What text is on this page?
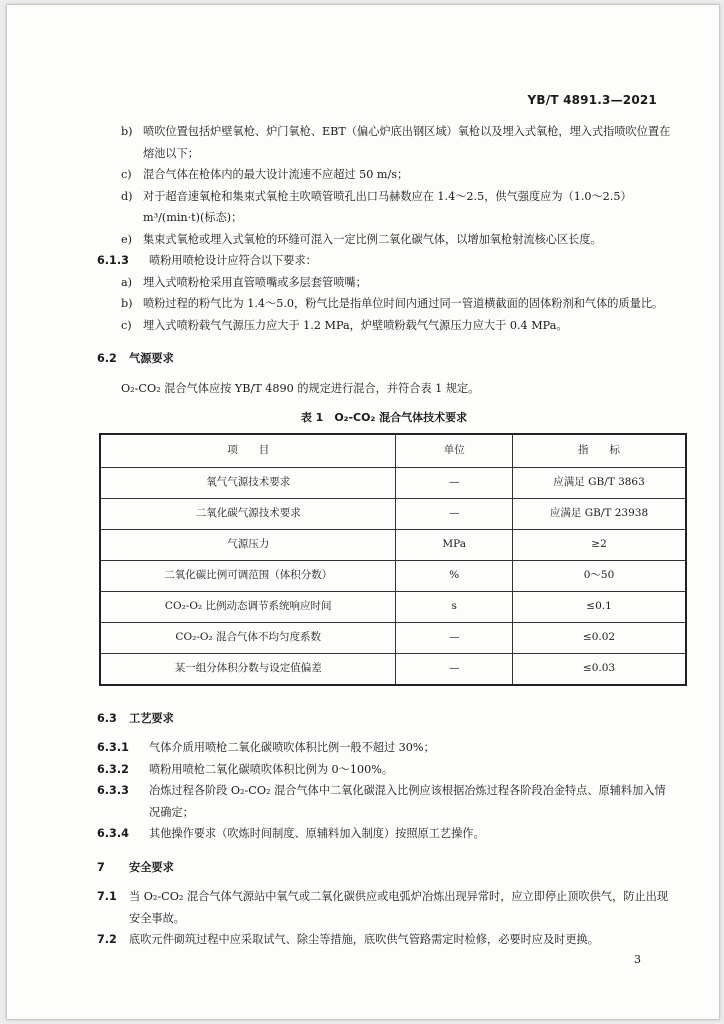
YB/T 4891.3—2021
b) 喷吹位置包括炉壁氧枪、炉门氧枪、EBT（偏心炉底出钢区域）氧枪以及埋入式氧枪，埋入式指喷吹位置在熔池以下；
c)	混合气体在枪体内的最大设计流速不应超过 50 m/s；
d) 对于超音速氧枪和集束式氧枪主吹喷管喷孔出口马赫数应在 1.4～2.5，供气强度应为（1.0～2.5）m³/(min·t)(标态)；
e) 集束式氧枪或埋入式氧枪的环缝可混入一定比例二氧化碳气体，以增加氧枪射流核心区长度。
6.1.3	喷粉用喷枪设计应符合以下要求：
a) 埋入式喷粉枪采用直管喷嘴或多层套管喷嘴；
b) 喷粉过程的粉气比为 1.4～5.0，粉气比是指单位时间内通过同一管道横截面的固体粉剂和气体的质量比。
c)	埋入式喷粉载气气源压力应大于 1.2 MPa，炉壁喷粉载气气源压力应大于 0.4 MPa。
6.2 气源要求

O₂-CO₂ 混合气体应按 YB/T 4890 的规定进行混合，并符合表 1 规定。

表 1　O₂-CO₂ 混合气体技术要求
项　　目	单位	指　　标
氧气气源技术要求	—	应满足 GB/T 3863
二氧化碳气源技术要求	—	应满足 GB/T 23938
气源压力	MPa	≥2
二氧化碳比例可调范围（体积分数）	%	0～50
CO₂-O₂ 比例动态调节系统响应时间	s	≤0.1
CO₂-O₂ 混合气体不均匀度系数	—	≤0.02
某一组分体积分数与设定值偏差	—	≤0.03
6.3 工艺要求
6.3.1	气体介质用喷枪二氧化碳喷吹体积比例一般不超过 30%；
6.3.2	喷粉用喷枪二氧化碳喷吹体积比例为 0～100%。
6.3.3	冶炼过程各阶段 O₂-CO₂ 混合气体中二氧化碳混入比例应该根据冶炼过程各阶段冶金特点、原辅料加入情况确定；
6.3.4	其他操作要求（吹炼时间制度、原辅料加入制度）按照原工艺操作。
7 安全要求
7.1	当 O₂-CO₂ 混合气体气源站中氧气或二氧化碳供应或电弧炉冶炼出现异常时，应立即停止顶吹供气，防止出现安全事故。
7.2	底吹元件砌筑过程中应采取试气、除尘等措施，底吹供气管路需定时检修，必要时应及时更换。
3
